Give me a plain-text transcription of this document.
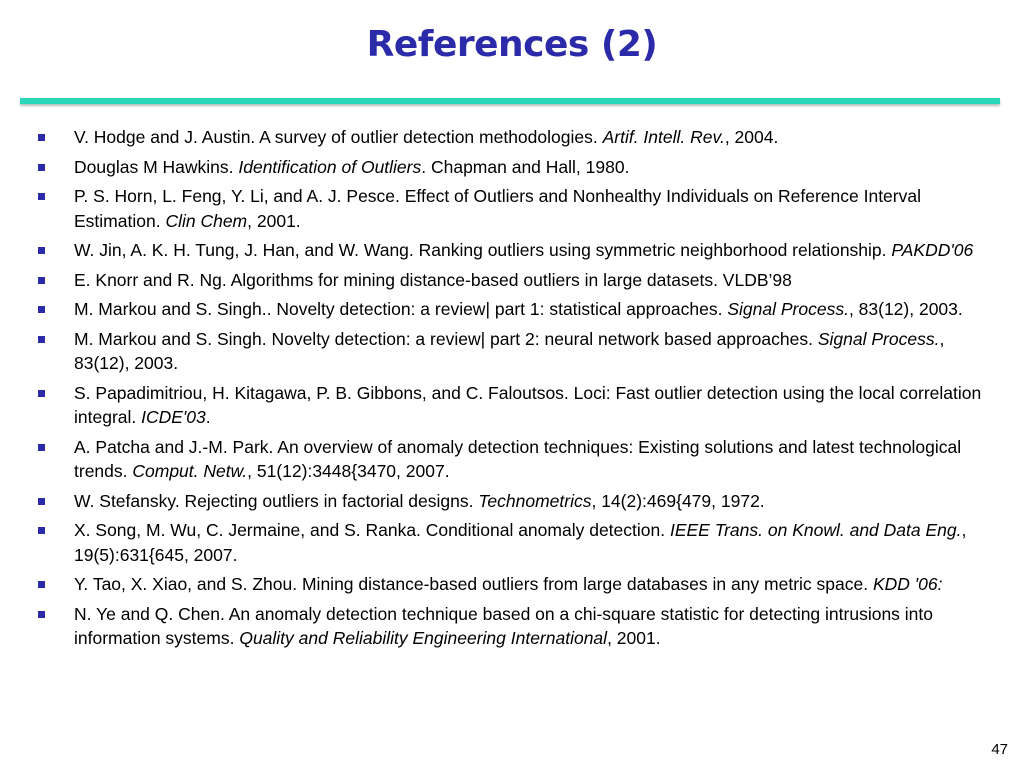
References (2)
V. Hodge and J. Austin. A survey of outlier detection methodologies. Artif. Intell. Rev., 2004.
Douglas M Hawkins. Identification of Outliers. Chapman and Hall, 1980.
P. S. Horn, L. Feng, Y. Li, and A. J. Pesce. Effect of Outliers and Nonhealthy Individuals on Reference Interval Estimation. Clin Chem, 2001.
W. Jin, A. K. H. Tung, J. Han, and W. Wang. Ranking outliers using symmetric neighborhood relationship. PAKDD'06
E. Knorr and R. Ng. Algorithms for mining distance-based outliers in large datasets. VLDB’98
M. Markou and S. Singh.. Novelty detection: a review| part 1: statistical approaches. Signal Process., 83(12), 2003.
M. Markou and S. Singh. Novelty detection: a review| part 2: neural network based approaches. Signal Process., 83(12), 2003.
S. Papadimitriou, H. Kitagawa, P. B. Gibbons, and C. Faloutsos. Loci: Fast outlier detection using the local correlation integral. ICDE'03.
A. Patcha and J.-M. Park. An overview of anomaly detection techniques: Existing solutions and latest technological trends. Comput. Netw., 51(12):3448{3470, 2007.
W. Stefansky. Rejecting outliers in factorial designs. Technometrics, 14(2):469{479, 1972.
X. Song, M. Wu, C. Jermaine, and S. Ranka. Conditional anomaly detection. IEEE Trans. on Knowl. and Data Eng., 19(5):631{645, 2007.
Y. Tao, X. Xiao, and S. Zhou. Mining distance-based outliers from large databases in any metric space. KDD '06:
N. Ye and Q. Chen. An anomaly detection technique based on a chi-square statistic for detecting intrusions into information systems. Quality and Reliability Engineering International, 2001.
47
